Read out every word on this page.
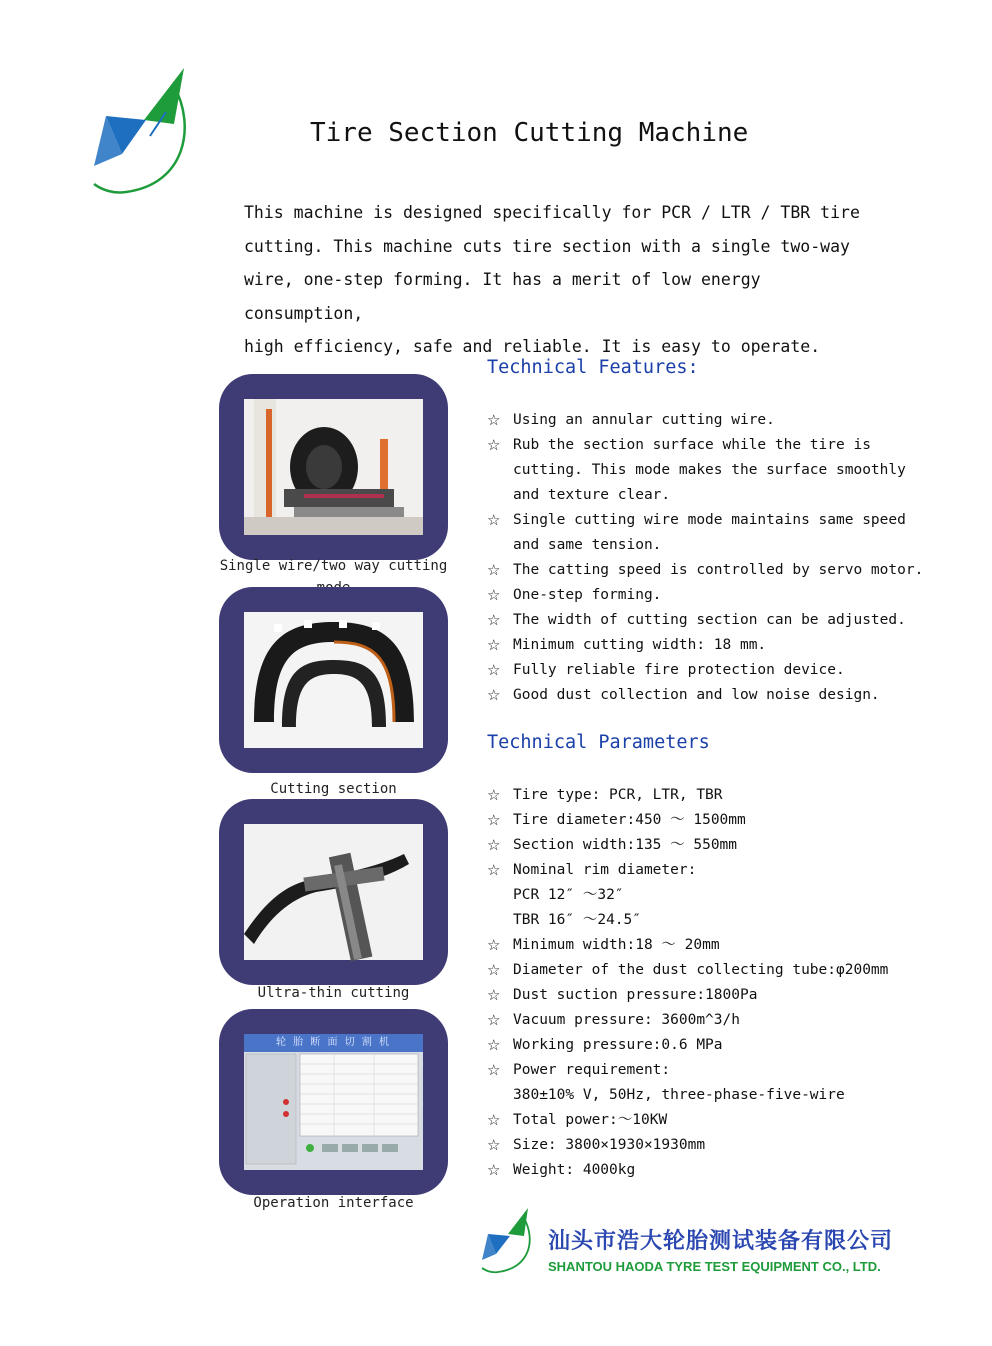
Tire Section Cutting Machine
This machine is designed specifically for PCR / LTR / TBR tire
cutting. This machine cuts tire section with a single two-way
wire, one-step forming. It has a merit of low energy consumption,
high efficiency, safe and reliable. It is easy to operate.
Technical Features:
☆ Using an annular cutting wire.
☆ Rub the section surface while the tire is
cutting. This mode makes the surface smoothly
and texture clear.
☆ Single cutting wire mode maintains same speed
and same tension.
☆ The catting speed is controlled by servo motor.
☆ One-step forming.
☆ The width of cutting section can be adjusted.
☆ Minimum cutting width: 18 mm.
☆ Fully reliable fire protection device.
☆ Good dust collection and low noise design.
Technical Parameters
☆ Tire type: PCR, LTR, TBR
☆ Tire diameter:450 ～ 1500mm
☆ Section width:135 ～ 550mm
☆ Nominal rim diameter:
PCR 12″ ～32″
TBR 16″ ～24.5″
☆ Minimum width:18 ～ 20mm
☆ Diameter of the dust collecting tube:φ200mm
☆ Dust suction pressure:1800Pa
☆ Vacuum pressure: 3600m^3/h
☆ Working pressure:0.6 MPa
☆ Power requirement:
380±10% V, 50Hz, three-phase-five-wire
☆ Total power:～10KW
☆ Size: 3800×1930×1930mm
☆ Weight: 4000kg
Single wire/two way cutting
Cutting section
Ultra-thin cutting
轮 胎 断 面 切 割 机
Operation interface
汕头市浩大轮胎测试装备有限公司
SHANTOU HAODA TYRE TEST EQUIPMENT CO., LTD.
